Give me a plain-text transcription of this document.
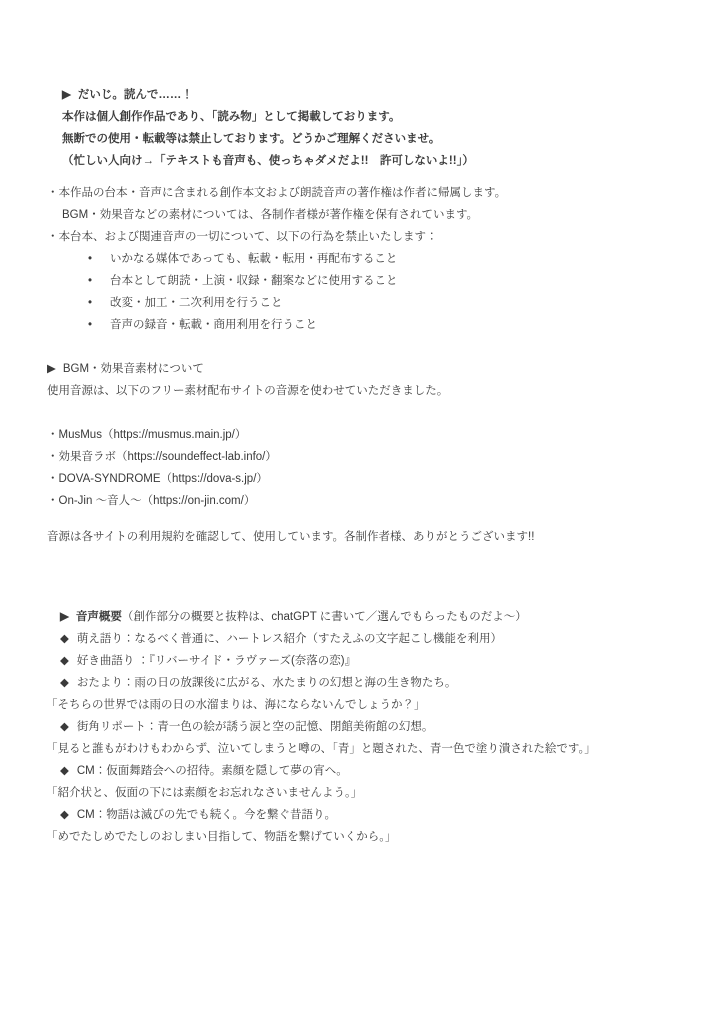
▶ だいじ。読んで……！

本作は個人創作作品であり、「読み物」として掲載しております。

無断での使用・転載等は禁止しております。どうかご理解くださいませ。

（忙しい人向け→「テキストも音声も、使っちゃダメだよ!!　許可しないよ!!」）

・本作品の台本・音声に含まれる創作本文および朗読音声の著作権は作者に帰属します。

BGM・効果音などの素材については、各制作者様が著作権を保有されています。

・本台本、および関連音声の一切について、以下の行為を禁止いたします：

•	いかなる媒体であっても、転載・転用・再配布すること
•	台本として朗読・上演・収録・翻案などに使用すること
•	改変・加工・二次利用を行うこと
•	音声の録音・転載・商用利用を行うこと

▶ BGM・効果音素材について

使用音源は、以下のフリー素材配布サイトの音源を使わせていただきました。

・MusMus（https://musmus.main.jp/）

・効果音ラボ（https://soundeffect-lab.info/）

・DOVA-SYNDROME（https://dova-s.jp/）

・On-Jin ～音人～（https://on-jin.com/）

音源は各サイトの利用規約を確認して、使用しています。各制作者様、ありがとうございます!!

▶ 音声概要（創作部分の概要と抜粋は、chatGPT に書いて／選んでもらったものだよ～）

◆ 萌え語り：なるべく普通に、ハートレス紹介（すたえふの文字起こし機能を利用）

◆ 好き曲語り ：『リバーサイド・ラヴァーズ(奈落の恋)』

◆ おたより：雨の日の放課後に広がる、水たまりの幻想と海の生き物たち。

「そちらの世界では雨の日の水溜まりは、海にならないんでしょうか？」

◆ 街角リポート：青一色の絵が誘う涙と空の記憶、閉館美術館の幻想。

「見ると誰もがわけもわからず、泣いてしまうと噂の、「青」と題された、青一色で塗り潰された絵です。」

◆ CM：仮面舞踏会への招待。素顔を隠して夢の宵へ。

「紹介状と、仮面の下には素顔をお忘れなさいませんよう。」

◆ CM：物語は滅びの先でも続く。今を繋ぐ昔語り。

「めでたしめでたしのおしまい目指して、物語を繋げていくから。」
